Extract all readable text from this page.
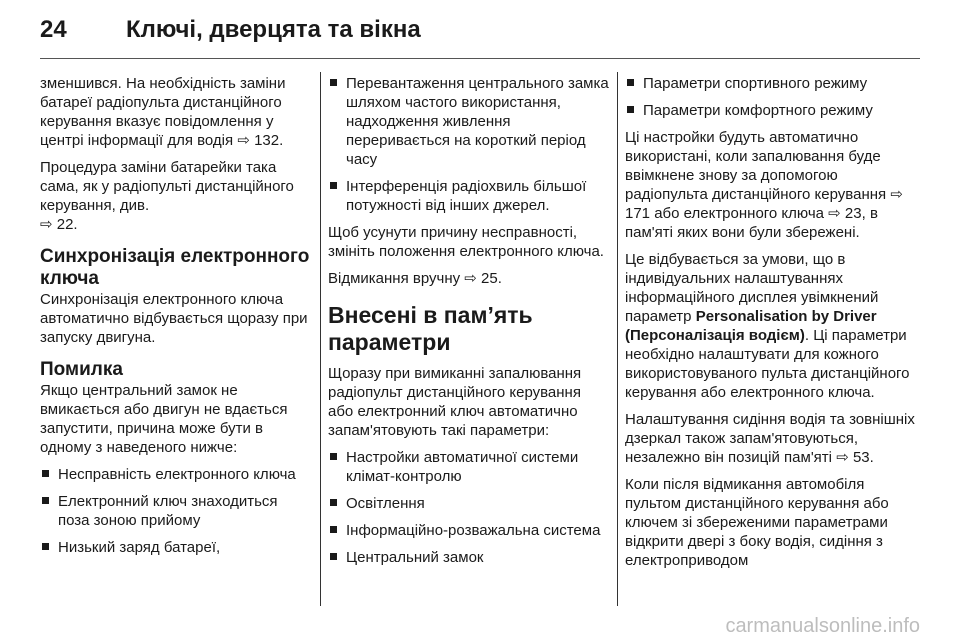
24	Ключі, дверцята та вікна

зменшився. На необхідність заміни батареї радіопульта дистанційного керування вказує повідомлення у центрі інформації для водія ⇨ 132.

Процедура заміни батарейки така сама, як у радіопульті дистанційного керування, див.
⇨ 22.

Синхронізація електронного ключа

Синхронізація електронного ключа автоматично відбувається щоразу при запуску двигуна.

Помилка

Якщо центральний замок не вмикається або двигун не вдається запустити, причина може бути в одному з наведеного нижче:

Несправність електронного ключа
Електронний ключ знаходиться поза зоною прийому
Низький заряд батареї,
Перевантаження центрального замка шляхом частого використання, надходження живлення переривається на короткий період часу
Інтерференція радіохвиль більшої потужності від інших джерел.

Щоб усунути причину несправності, змініть положення електронного ключа.

Відмикання вручну ⇨ 25.

Внесені в пам’ять параметри

Щоразу при вимиканні запалювання радіопульт дистанційного керування або електронний ключ автоматично запам'ятовують такі параметри:

Настройки автоматичної системи клімат-контролю
Освітлення
Інформаційно-розважальна система
Центральний замок
Параметри спортивного режиму
Параметри комфортного режиму

Ці настройки будуть автоматично використані, коли запалювання буде ввімкнене знову за допомогою радіопульта дистанційного керування ⇨ 171 або електронного ключа ⇨ 23, в пам'яті яких вони були збережені.

Це відбувається за умови, що в індивідуальних налаштуваннях інформаційного дисплея увімкнений параметр Personalisation by Driver (Персоналізація водієм). Ці параметри необхідно налаштувати для кожного використовуваного пульта дистанційного керування або електронного ключа.

Налаштування сидіння водія та зовнішніх дзеркал також запам'ятовуються, незалежно він позицій пам'яті ⇨ 53.

Коли після відмикання автомобіля пультом дистанційного керування або ключем зі збереженими параметрами відкрити двері з боку водія, сидіння з електроприводом

carmanualsonline.info
